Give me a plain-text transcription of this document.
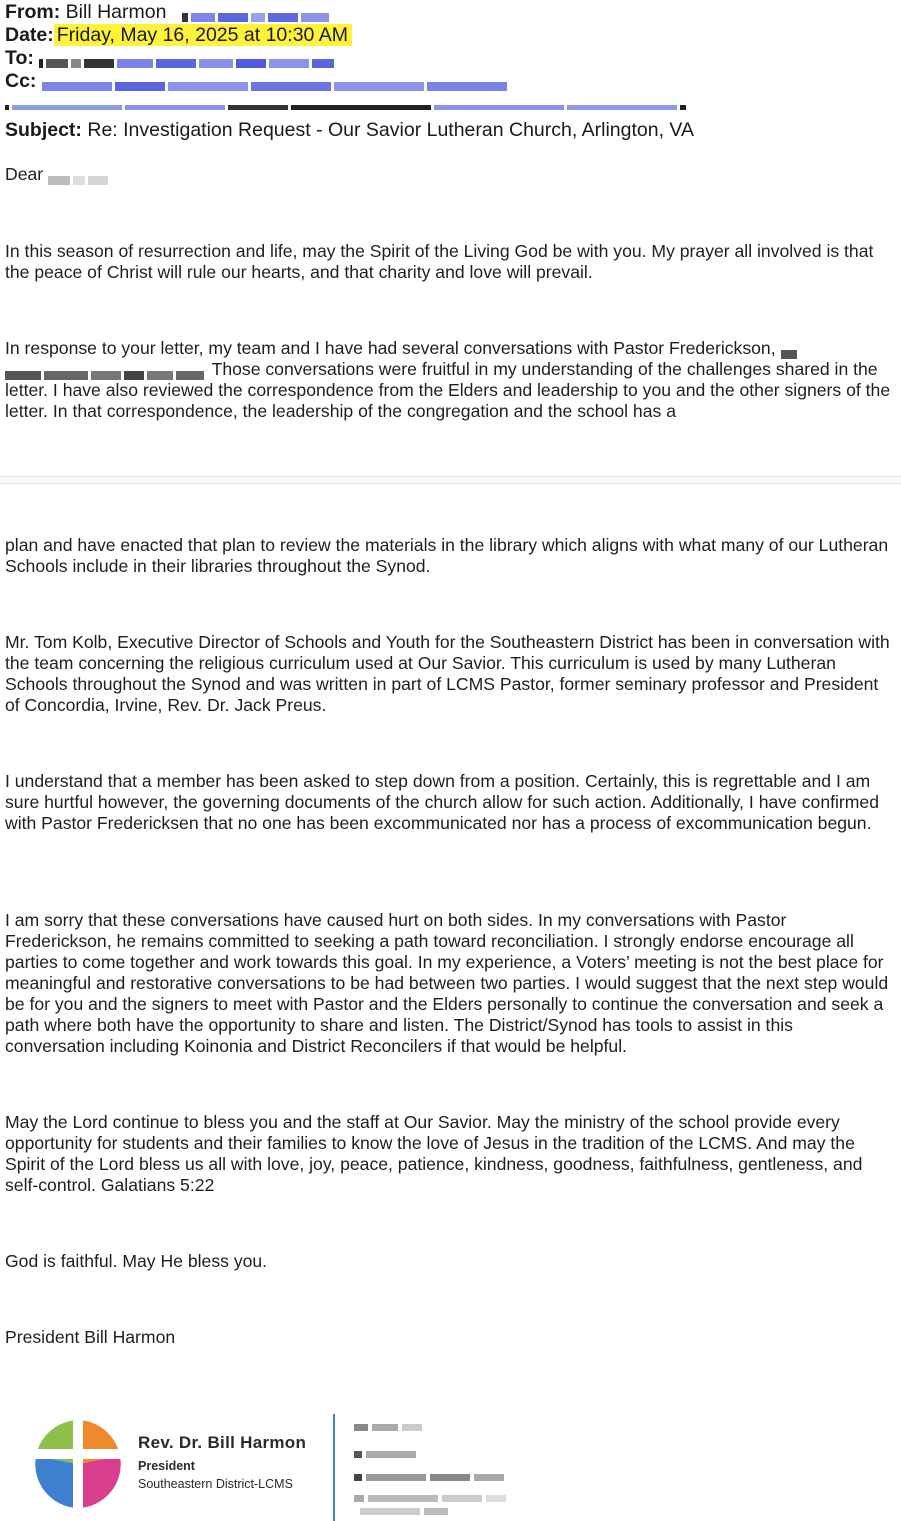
From: Bill Harmon
Date: Friday, May 16, 2025 at 10:30 AM
To:
Cc:
Subject: Re: Investigation Request - Our Savior Lutheran Church, Arlington, VA

Dear

In this season of resurrection and life, may the Spirit of the Living God be with you. My prayer all involved is that the peace of Christ will rule our hearts, and that charity and love will prevail.

In response to your letter, my team and I have had several conversations with Pastor Frederickson,
Those conversations were fruitful in my understanding of the challenges shared in the letter. I have also reviewed the correspondence from the Elders and leadership to you and the other signers of the letter. In that correspondence, the leadership of the congregation and the school has a

plan and have enacted that plan to review the materials in the library which aligns with what many of our Lutheran Schools include in their libraries throughout the Synod.

Mr. Tom Kolb, Executive Director of Schools and Youth for the Southeastern District has been in conversation with the team concerning the religious curriculum used at Our Savior. This curriculum is used by many Lutheran Schools throughout the Synod and was written in part of LCMS Pastor, former seminary professor and President of Concordia, Irvine, Rev. Dr. Jack Preus.

I understand that a member has been asked to step down from a position. Certainly, this is regrettable and I am sure hurtful however, the governing documents of the church allow for such action. Additionally, I have confirmed with Pastor Fredericksen that no one has been excommunicated nor has a process of excommunication begun.

I am sorry that these conversations have caused hurt on both sides. In my conversations with Pastor Frederickson, he remains committed to seeking a path toward reconciliation. I strongly endorse encourage all parties to come together and work towards this goal. In my experience, a Voters’ meeting is not the best place for meaningful and restorative conversations to be had between two parties. I would suggest that the next step would be for you and the signers to meet with Pastor and the Elders personally to continue the conversation and seek a path where both have the opportunity to share and listen. The District/Synod has tools to assist in this conversation including Koinonia and District Reconcilers if that would be helpful.

May the Lord continue to bless you and the staff at Our Savior. May the ministry of the school provide every opportunity for students and their families to know the love of Jesus in the tradition of the LCMS. And may the Spirit of the Lord bless us all with love, joy, peace, patience, kindness, goodness, faithfulness, gentleness, and self-control. Galatians 5:22

God is faithful. May He bless you.

President Bill Harmon

Rev. Dr. Bill Harmon
President
Southeastern District-LCMS
